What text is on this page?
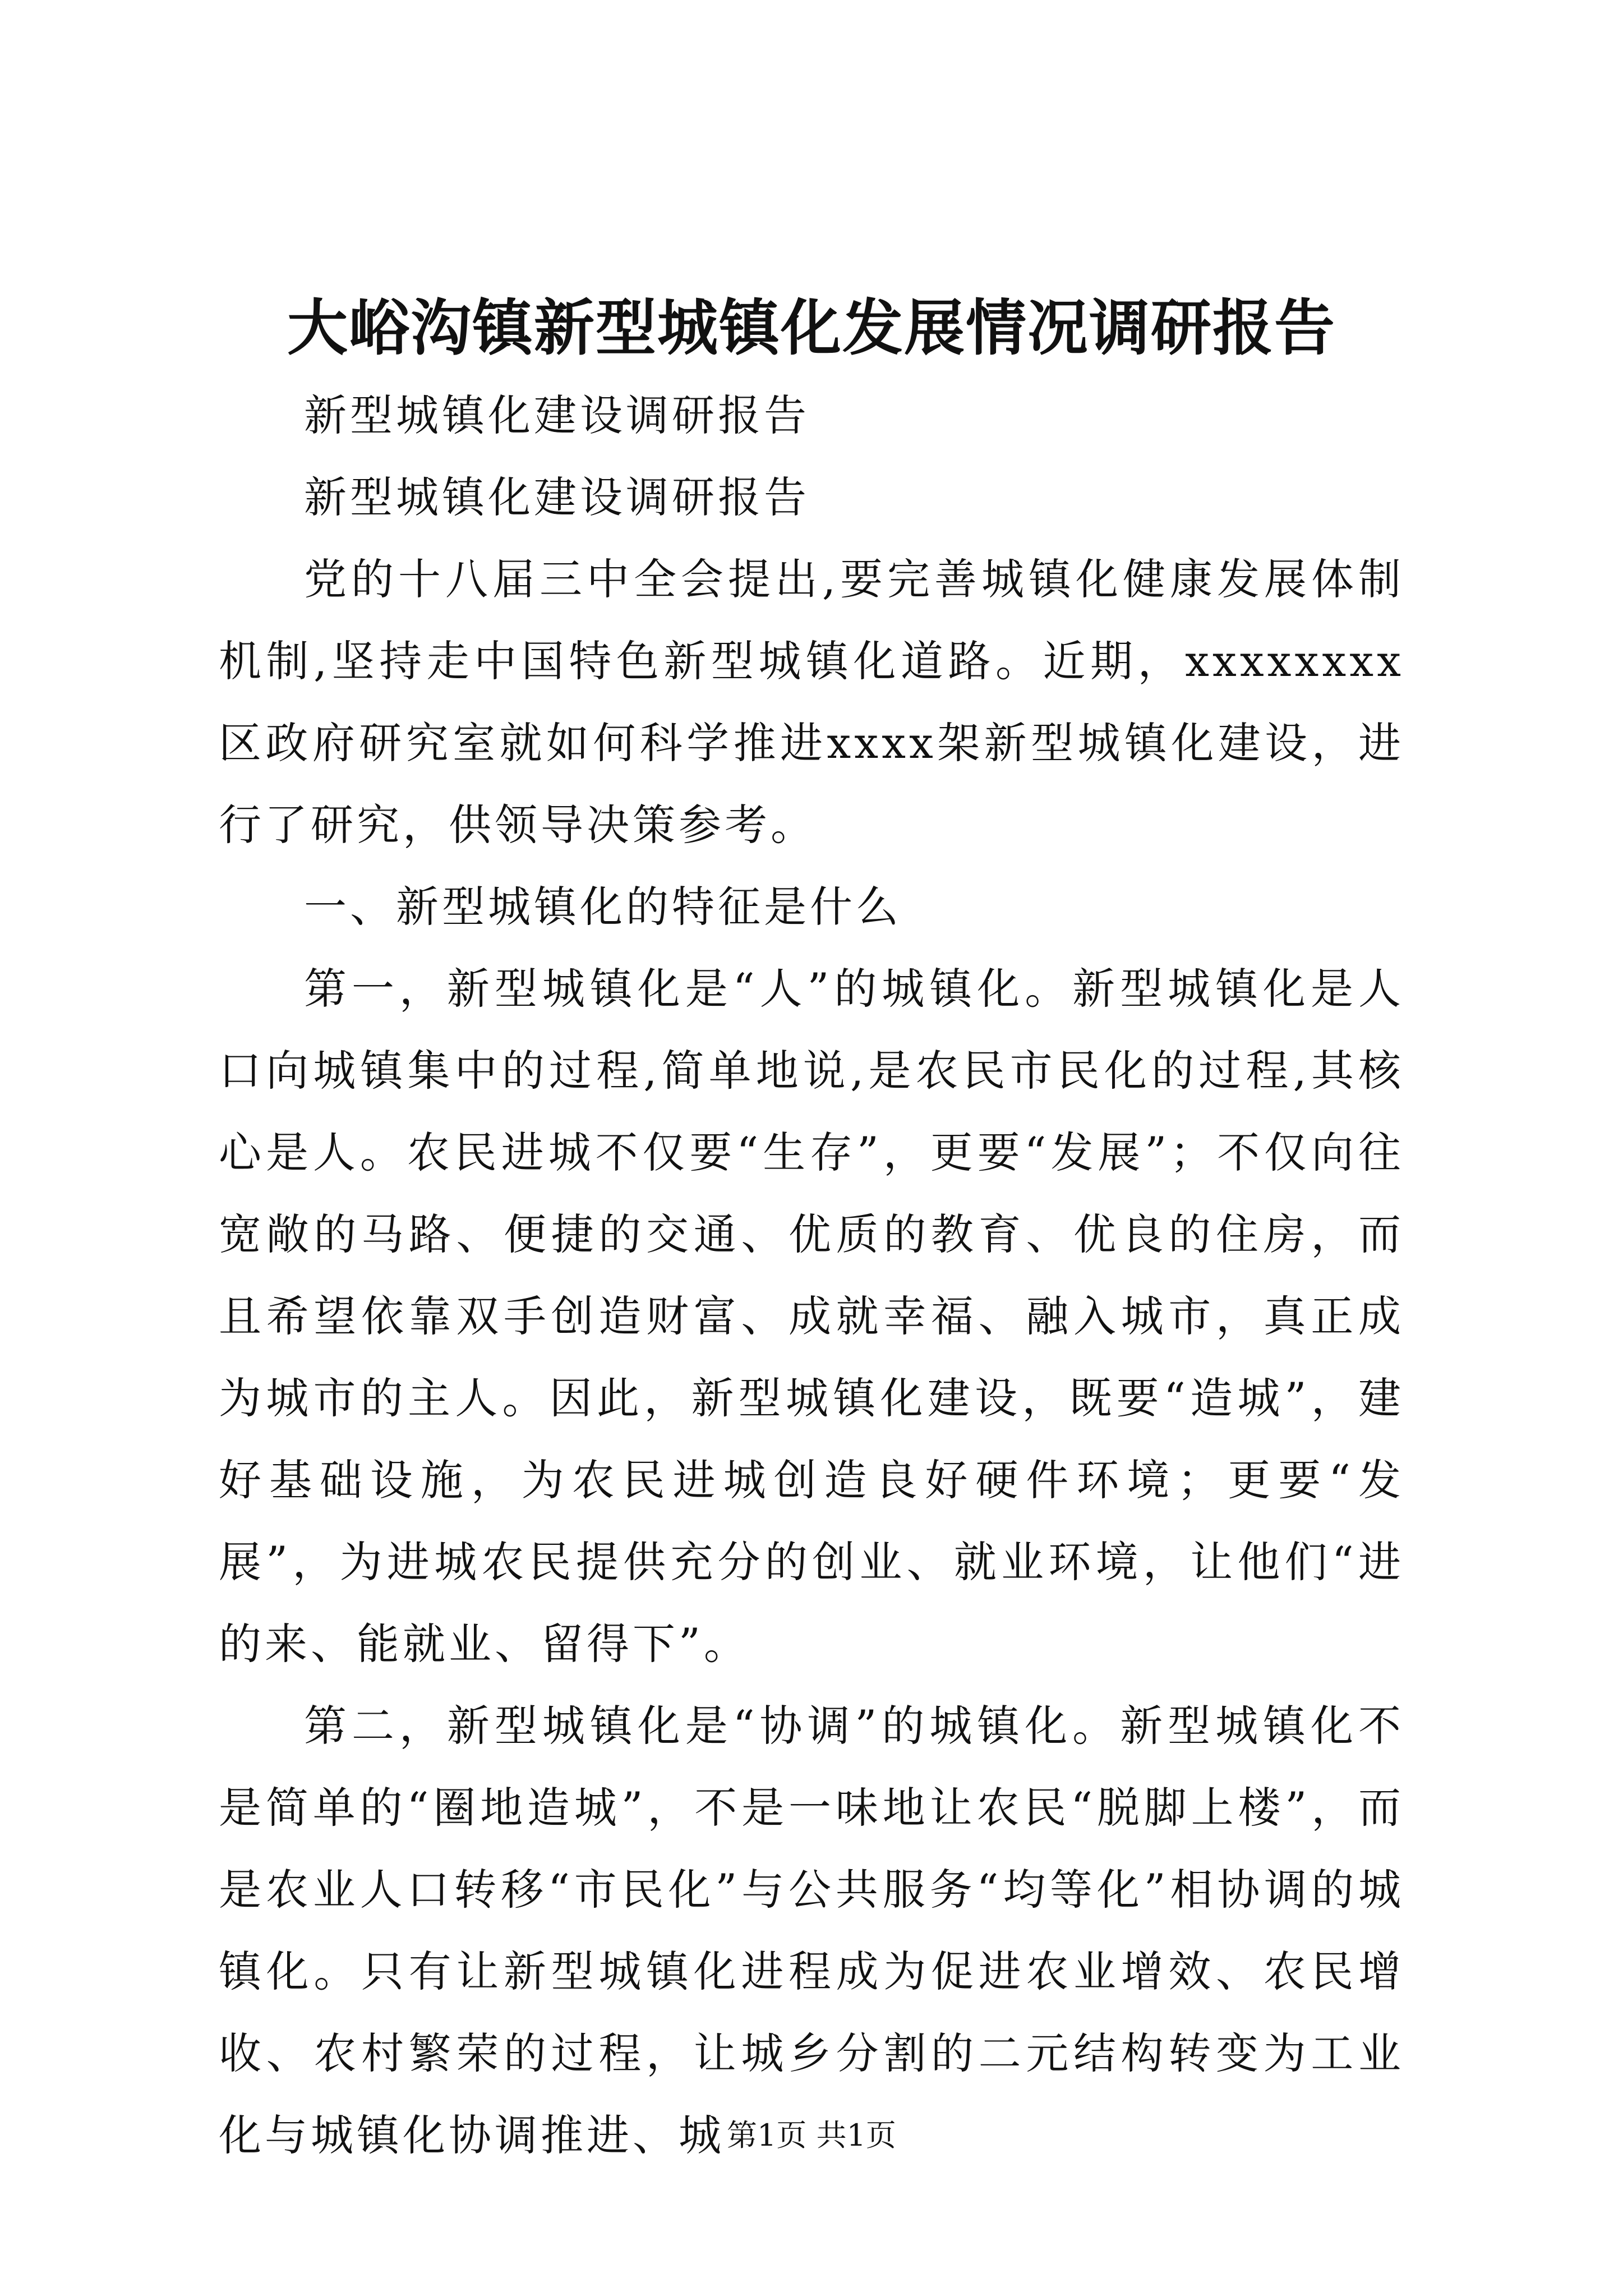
大峪沟镇新型城镇化发展情况调研报告

新型城镇化建设调研报告

新型城镇化建设调研报告

党的十八届三中全会提出,要完善城镇化健康发展体制机制,坚持走中国特色新型城镇化道路。近期，xxxxxxxx区政府研究室就如何科学推进xxxx架新型城镇化建设，进行了研究，供领导决策参考。

一、新型城镇化的特征是什么

第一，新型城镇化是“人”的城镇化。新型城镇化是人口向城镇集中的过程,简单地说,是农民市民化的过程,其核心是人。农民进城不仅要“生存”，更要“发展”；不仅向往宽敞的马路、便捷的交通、优质的教育、优良的住房，而且希望依靠双手创造财富、成就幸福、融入城市，真正成为城市的主人。因此，新型城镇化建设，既要“造城”，建好基础设施，为农民进城创造良好硬件环境；更要“发展”，为进城农民提供充分的创业、就业环境，让他们“进的来、能就业、留得下”。

第二，新型城镇化是“协调”的城镇化。新型城镇化不是简单的“圈地造城”，不是一味地让农民“脱脚上楼”，而是农业人口转移“市民化”与公共服务“均等化”相协调的城镇化。只有让新型城镇化进程成为促进农业增效、农民增收、农村繁荣的过程，让城乡分割的二元结构转变为工业化与城镇化协调推进、城 第1页 共1页
